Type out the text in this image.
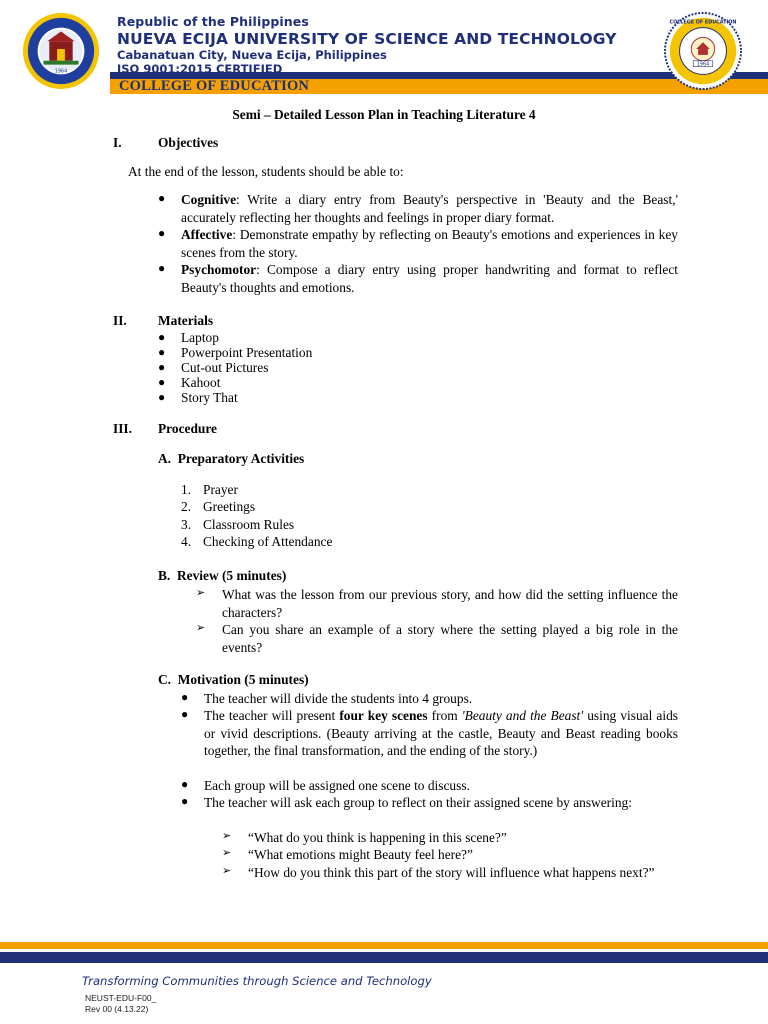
1964
1964
COLLEGE OF EDUCATION
Republic of the Philippines
NUEVA ECIJA UNIVERSITY OF SCIENCE AND TECHNOLOGY
Cabanatuan City, Nueva Ecija, Philippines
ISO 9001:2015 CERTIFIED
COLLEGE OF EDUCATION
Semi – Detailed Lesson Plan in Teaching Literature 4
I.	Objectives
At the end of the lesson, students should be able to:
● Cognitive: Write a diary entry from Beauty's perspective in 'Beauty and the Beast,' accurately reflecting her thoughts and feelings in proper diary format.
● Affective: Demonstrate empathy by reflecting on Beauty's emotions and experiences in key scenes from the story.
● Psychomotor: Compose a diary entry using proper handwriting and format to reflect Beauty's thoughts and emotions.
II. Materials
● Laptop
● Powerpoint Presentation
● Cut-out Pictures
● Kahoot
● Story That
III. Procedure
A.  Preparatory Activities
1. Prayer
2. Greetings
3. Classroom Rules
4. Checking of Attendance
B.  Review (5 minutes)
➢ What was the lesson from our previous story, and how did the setting influence the characters?
➢ Can you share an example of a story where the setting played a big role in the events?
C.  Motivation (5 minutes)
● The teacher will divide the students into 4 groups.
● The teacher will present four key scenes from 'Beauty and the Beast' using visual aids or vivid descriptions. (Beauty arriving at the castle, Beauty and Beast reading books together, the final transformation, and the ending of the story.)
● Each group will be assigned one scene to discuss.
● The teacher will ask each group to reflect on their assigned scene by answering:
➢ “What do you think is happening in this scene?”
➢ “What emotions might Beauty feel here?”
➢ “How do you think this part of the story will influence what happens next?”
Transforming Communities through Science and Technology
NEUST-EDU-F00_
Rev 00 (4.13.22)
